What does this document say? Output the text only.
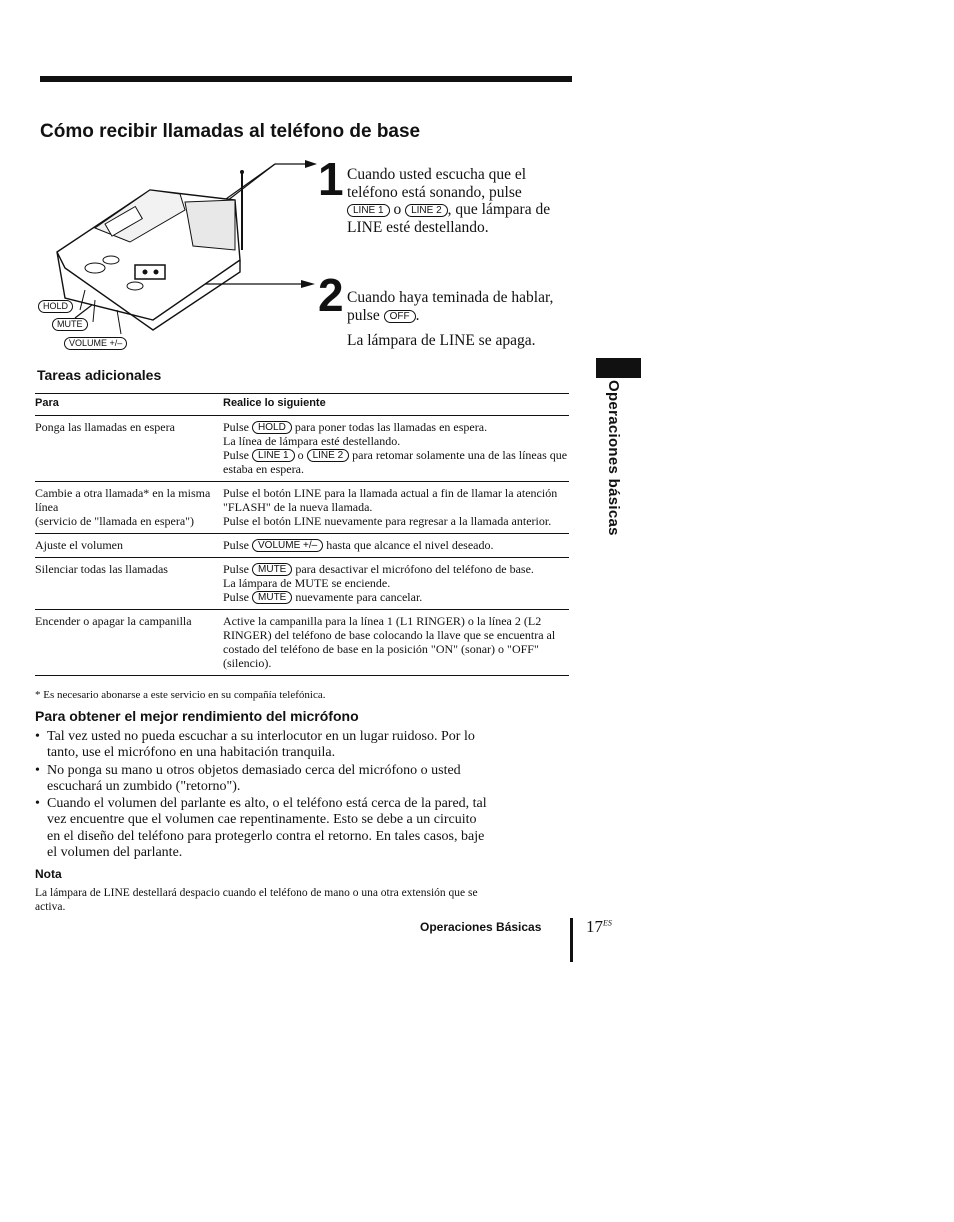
Cómo recibir llamadas al teléfono de base
HOLD
MUTE
VOLUME +/–
1 Cuando usted escucha que el teléfono está sonando, pulse LINE 1 o LINE 2 , que lámpara de LINE esté destellando.
2 Cuando haya teminada de hablar, pulse OFF .
La lámpara de LINE se apaga.
Tareas adicionales
Para	Realice lo siguiente
Ponga las llamadas en espera	Pulse HOLD para poner todas las llamadas en espera.
La línea de lámpara esté destellando.
Pulse LINE 1 o LINE 2 para retomar solamente una de las líneas que estaba en espera.
Cambie a otra llamada* en la misma línea
(servicio de "llamada en espera")	Pulse el botón LINE para la llamada actual a fin de llamar la atención "FLASH" de la nueva llamada.
Pulse el botón LINE nuevamente para regresar a la llamada anterior.
Ajuste el volumen	Pulse VOLUME +/– hasta que alcance el nivel deseado.
Silenciar todas las llamadas	Pulse MUTE para desactivar el micrófono del teléfono de base.
La lámpara de MUTE se enciende.
Pulse MUTE nuevamente para cancelar.
Encender o apagar la campanilla	Active la campanilla para la línea 1 (L1 RINGER) o la línea 2 (L2 RINGER) del teléfono de base colocando la llave que se encuentra al costado del teléfono de base en la posición "ON" (sonar) o "OFF" (silencio).
* Es necesario abonarse a este servicio en su compañía telefónica.
Para obtener el mejor rendimiento del micrófono
• Tal vez usted no pueda escuchar a su interlocutor en un lugar ruidoso. Por lo tanto, use el micrófono en una habitación tranquila.
• No ponga su mano u otros objetos demasiado cerca del micrófono o usted escuchará un zumbido ("retorno").
• Cuando el volumen del parlante es alto, o el teléfono está cerca de la pared, tal vez encuentre que el volumen cae repentinamente. Esto se debe a un circuito en el diseño del teléfono para protegerlo contra el retorno. En tales casos, baje el volumen del parlante.
Nota
La lámpara de LINE destellará despacio cuando el teléfono de mano o una otra extensión que se activa.
Operaciones básicas
Operaciones Básicas	$17^{ES}$
